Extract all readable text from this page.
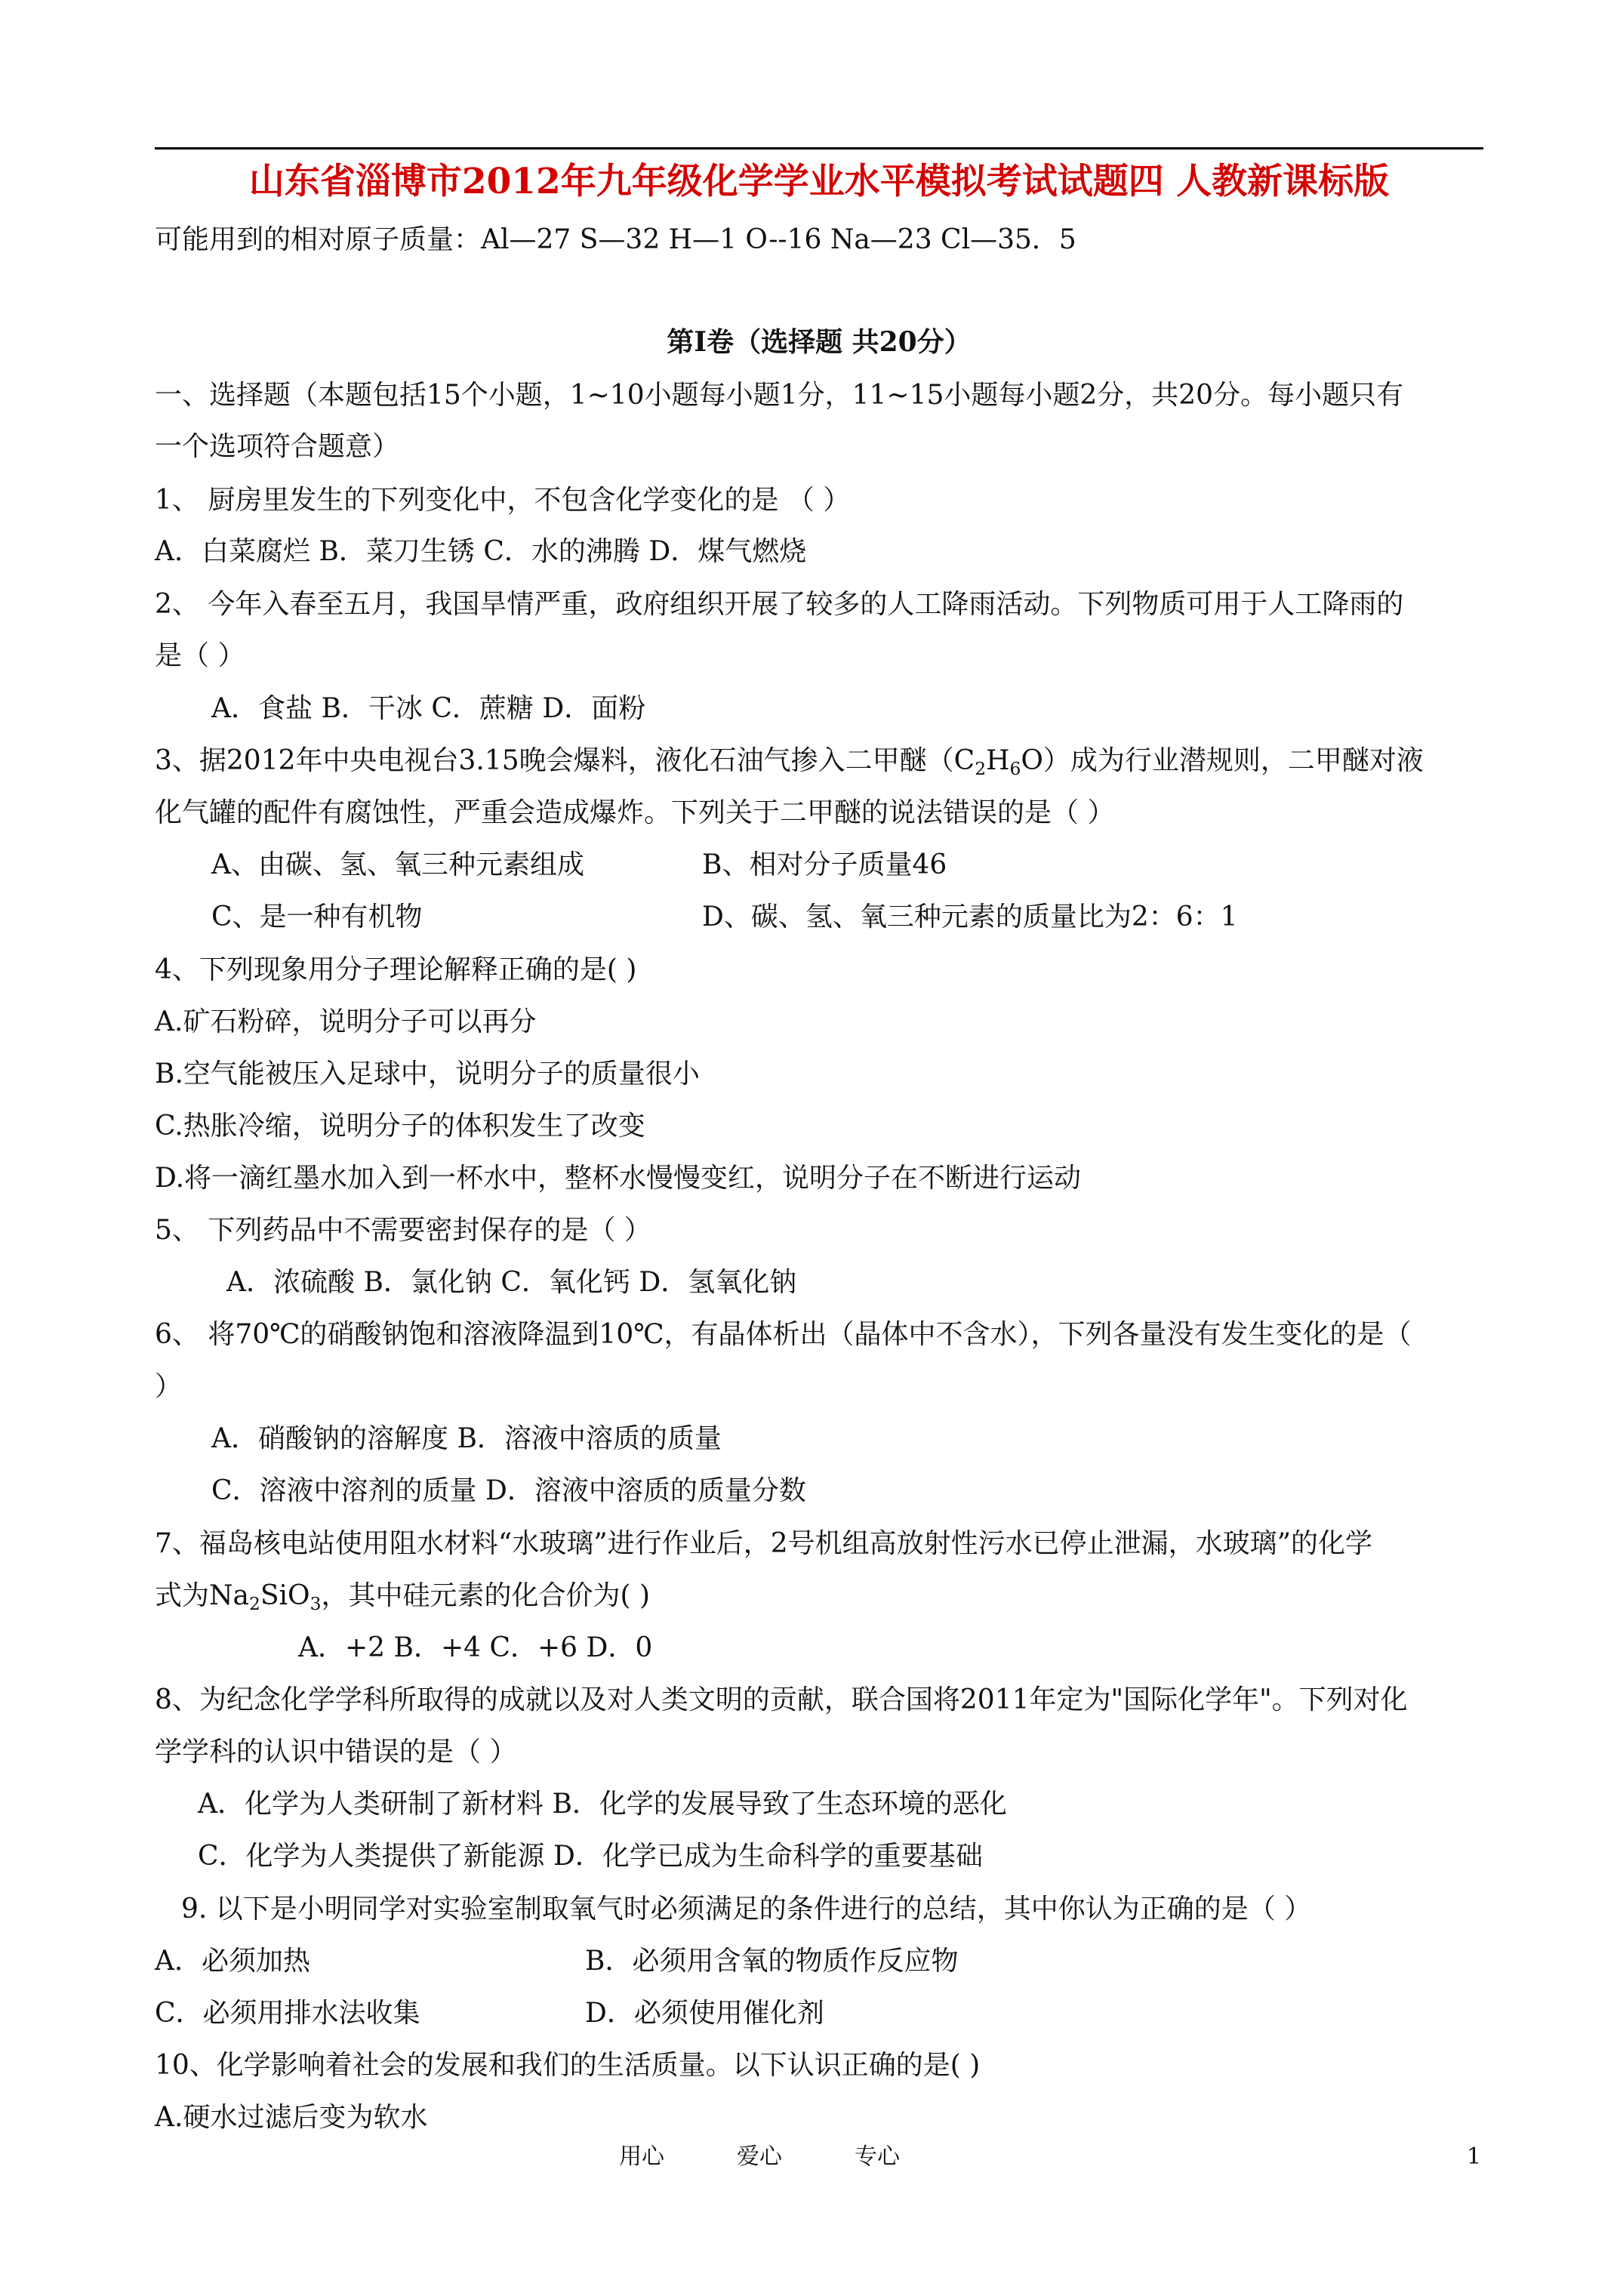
山东省淄博市2012年九年级化学学业水平模拟考试试题四 人教新课标版
可能用到的相对原子质量：Al—27 S—32 H—1 O--16 Na—23 Cl—35．5
第Ⅰ卷（选择题 共20分）
一、选择题（本题包括15个小题，1~10小题每小题1分，11~15小题每小题2分，共20分。每小题只有
一个选项符合题意）
1、 厨房里发生的下列变化中，不包含化学变化的是 （ ）
A．白菜腐烂 B．菜刀生锈 C．水的沸腾 D．煤气燃烧
2、 今年入春至五月，我国旱情严重，政府组织开展了较多的人工降雨活动。下列物质可用于人工降雨的
是（ ）
A．食盐 B．干冰 C．蔗糖 D．面粉
3、据2012年中央电视台3.15晚会爆料，液化石油气掺入二甲醚$(C_2H_6O)$成为行业潜规则，二甲醚对液
化气罐的配件有腐蚀性，严重会造成爆炸。下列关于二甲醚的说法错误的是（ ）
A、由碳、氢、氧三种元素组成	B、相对分子质量46
C、是一种有机物	D、碳、氢、氧三种元素的质量比为2：6：1
4、下列现象用分子理论解释正确的是( )
A.矿石粉碎，说明分子可以再分
B.空气能被压入足球中，说明分子的质量很小
C.热胀冷缩，说明分子的体积发生了改变
D.将一滴红墨水加入到一杯水中，整杯水慢慢变红，说明分子在不断进行运动
5、 下列药品中不需要密封保存的是（ ）
A．浓硫酸 B．氯化钠 C．氧化钙 D．氢氧化钠
6、 将70℃的硝酸钠饱和溶液降温到10℃，有晶体析出（晶体中不含水），下列各量没有发生变化的是（
）
A．硝酸钠的溶解度 B．溶液中溶质的质量
C．溶液中溶剂的质量 D．溶液中溶质的质量分数
7、福岛核电站使用阻水材料“水玻璃”进行作业后，2号机组高放射性污水已停止泄漏，水玻璃”的化学
式为$Na_2SiO_3$，其中硅元素的化合价为( )
A．+2 B．+4 C．+6 D．0
8、为纪念化学学科所取得的成就以及对人类文明的贡献，联合国将2011年定为"国际化学年"。下列对化
学学科的认识中错误的是（ ）
A．化学为人类研制了新材料 B．化学的发展导致了生态环境的恶化
C．化学为人类提供了新能源 D．化学已成为生命科学的重要基础
9. 以下是小明同学对实验室制取氧气时必须满足的条件进行的总结，其中你认为正确的是（ ）
A．必须加热	B．必须用含氧的物质作反应物
C．必须用排水法收集	D．必须使用催化剂
10、化学影响着社会的发展和我们的生活质量。以下认识正确的是( )
A.硬水过滤后变为软水
用心	爱心	专心	1
